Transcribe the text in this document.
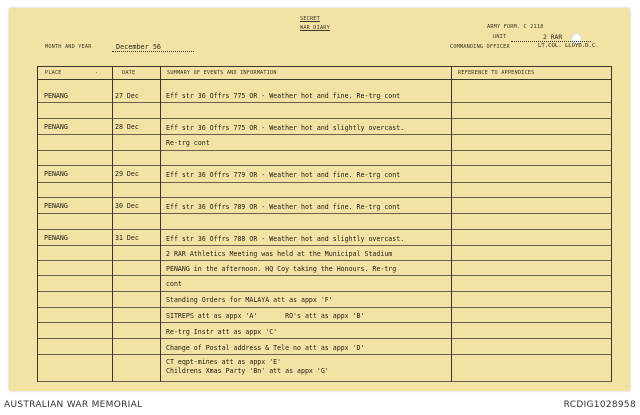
SECRET
WAR DIARY
MONTH AND YEAR	December 56
ARMY FORM. C 2118
UNIT	2 RAR
COMMANDING OFFICER	LT.COL. LLOYD.D.C.
PLACE	.	DATE	SUMMARY OF EVENTS AND INFORMATION	REFERENCE TO APPENDICES
PENANG	27 Dec	Eff str 36 Offrs 775 OR - Weather hot and fine. Re-trg cont
PENANG	28 Dec	Eff str 36 Offrs 775 OR - Weather hot and slightly overcast.
Re-trg cont
PENANG	29 Dec	Eff str 36 Offrs 779 OR - Weather hot and fine. Re-trg cont
PENANG	30 Dec	Eff str 36 Offrs 789 OR - Weather hot and fine. Re-trg cont
PENANG	31 Dec	Eff str 36 Offrs 788 OR - Weather hot and slightly overcast.
2 RAR Athletics Meeting was held at the Municipal Stadium
PENANG in the afternoon. HQ Coy taking the Honours. Re-trg
cont
Standing Orders for MALAYA att as appx 'F'
SITREPS att as appx 'A'       RO's att as appx 'B'
Re-trg Instr att as appx 'C'
Change of Postal address & Tele no att as appx 'D'
CT eqpt-mines att as appx 'E'
Childrens Xmas Party 'Bn' att as appx 'G'
AUSTRALIAN WAR MEMORIAL	RCDIG1028958
